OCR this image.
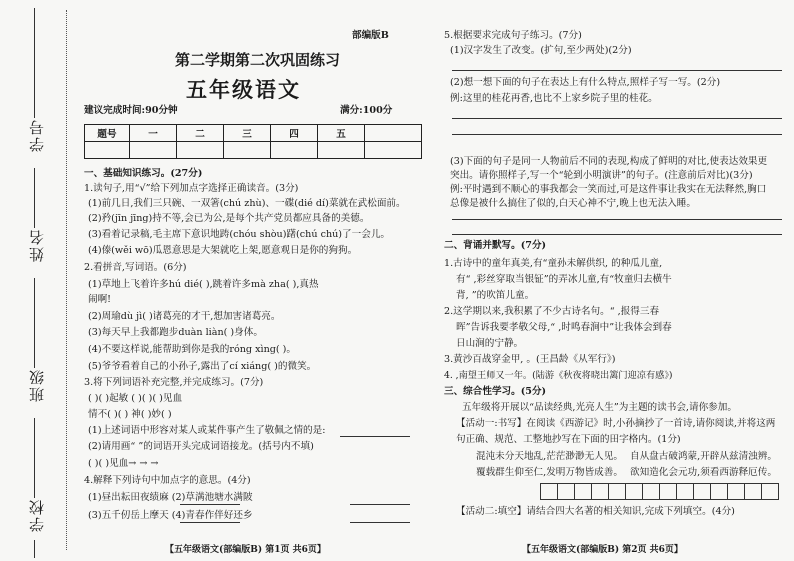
学号
姓名
班级
学校
部编版B
第二学期第二次巩固练习
五年级语文
建议完成时间:90分钟	满分:100分
题号	一	二	三	四	五	

一、基础知识练习。(27分)
1.读句子,用“√”给下列加点字选择正确读音。(3分)
(1)前几日,我们三只碗、一双箸(chú zhù)、一碟(dié dí)菜就在武松面前。
(2)矜(jīn jīng)持不等,会已为公,是每个共产党员都应具备的美德。
(3)看着记录稿,毛主席下意识地踌(chóu shòu)躇(chú chú)了一会儿。
(4)傣(wěi wō)瓜恩意思是大架就吃上架,愿意观日是你的狗狗。
2.看拼音,写词语。(6分)
(1)草地上飞着许多hú dié( ),跳着许多mà zha( ),真热
闹啊!
(2)周瑜dù jì( )诸葛亮的才干,想加害诸葛亮。
(3)每天早上我都跑步duàn liàn( )身体。
(4)不要这样说,能帮助到你是我的róng xìng( )。
(5)爷爷看着自己的小孙子,露出了cí xiáng( )的微笑。
3.将下列词语补充完整,并完成练习。(7分)
( )( )起敏 ( )( )( )见血
情不( )( ) 神( )妙( )
(1)上述词语中形容对某人或某件事产生了敬佩之情的是:
(2)请用画“ ”的词语开头完成词语接龙。(括号内不填)
( )( )见血→ → →
4.解释下列诗句中加点字的意思。(4分)
(1)昼出耘田夜绩麻 (2)草满池塘水满陂
(3)五千仞岳上摩天 (4)青春作伴好还乡
【五年级语文(部编版B) 第1页 共6页】
5.根据要求完成句子练习。(7分)
(1)汉字发生了改变。(扩句,至少两处)(2分)
(2)想一想下面的句子在表达上有什么特点,照样子写一写。(2分)
例:这里的桂花再香,也比不上家乡院子里的桂花。
(3)下面的句子是同一人物前后不同的表现,构成了鲜明的对比,使表达效果更
突出。请你照样子,写一个“轮到小明演讲”的句子。(注意前后对比)(3分)
例:平时遇到不顺心的事我都会一笑而过,可是这件事让我实在无法释然,胸口
总像是被什么搞住了似的,白天心神不宁,晚上也无法入睡。
二、背诵并默写。(7分)
1.古诗中的童年真美,有“童孙未解供织, 的种瓜儿童,
有“ ,彩丝穿取当银钲”的弄冰儿童,有“牧童归去横牛
背, ”的吹笛儿童。
2.这学期以来,我积累了不少古诗名句。“ ,报得三春
晖”告诉我要孝敬父母,“ ,时鸣春涧中”让我体会到春
日山涧的宁静。
3.黄沙百战穿金甲, 。(王昌龄《从军行》)
4. ,南望王师又一年。(陆游《秋夜将晓出篱门迎凉有感》)
三、综合性学习。(5分)
五年级将开展以“品读经典,光亮人生”为主题的读书会,请你参加。
【活动一:书写】在阅读《西游记》时,小孙摘抄了一首诗,请你阅读,并将这两
句正确、规范、工整地抄写在下面的田字格内。(1分)
混沌未分天地乱,茫茫渺渺无人见。 自从盘古破鸿蒙,开辟从兹清浊辨。
覆载群生仰至仁,发明万物皆成善。 欲知造化会元功,须看西游释厄传。
【活动二:填空】请结合四大名著的相关知识,完成下列填空。(4分)
【五年级语文(部编版B) 第2页 共6页】
